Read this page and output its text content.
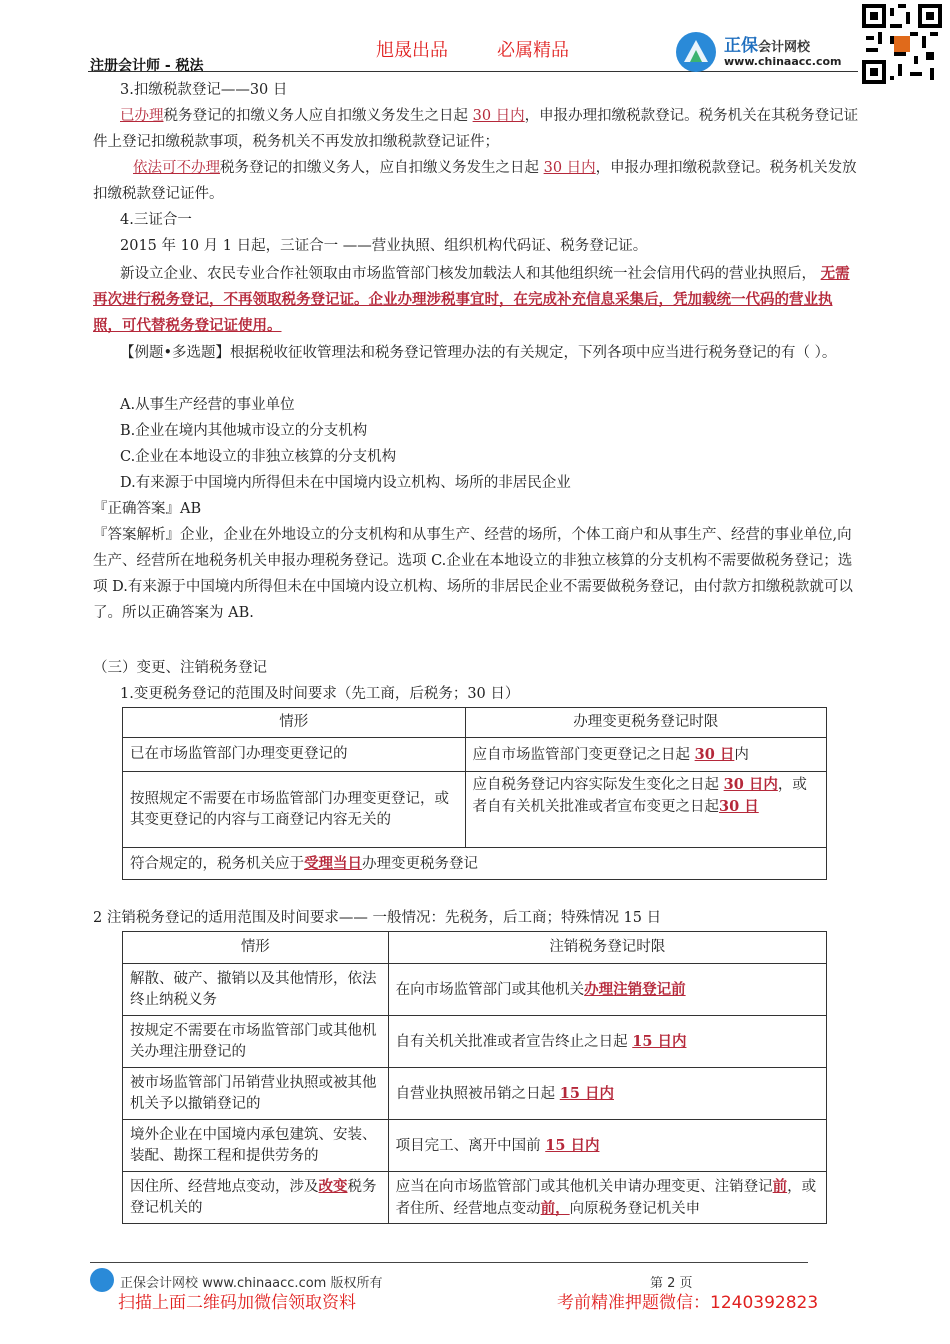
旭晟出品	必属精品
注册会计师 - 税法
正保会计网校
www.chinaacc.com
3.扣缴税款登记——30 日
已办理税务登记的扣缴义务人应自扣缴义务发生之日起 30 日内，申报办理扣缴税款登记。税务机关在其税务登记证件上登记扣缴税款事项，税务机关不再发放扣缴税款登记证件；
依法可不办理税务登记的扣缴义务人，应自扣缴义务发生之日起 30 日内，申报办理扣缴税款登记。税务机关发放扣缴税款登记证件。
4.三证合一
2015 年 10 月 1 日起，三证合一 ——营业执照、组织机构代码证、税务登记证。
新设立企业、农民专业合作社领取由市场监管部门核发加载法人和其他组织统一社会信用代码的营业执照后， 无需再次进行税务登记，不再领取税务登记证。企业办理涉税事宜时，在完成补充信息采集后，凭加载统一代码的营业执照，可代替税务登记证使用。
【例题•多选题】根据税收征收管理法和税务登记管理办法的有关规定，下列各项中应当进行税务登记的有（ ）。
A.从事生产经营的事业单位
B.企业在境内其他城市设立的分支机构
C.企业在本地设立的非独立核算的分支机构
D.有来源于中国境内所得但未在中国境内设立机构、场所的非居民企业
『正确答案』AB
『答案解析』企业，企业在外地设立的分支机构和从事生产、经营的场所，个体工商户和从事生产、经营的事业单位,向生产、经营所在地税务机关申报办理税务登记。选项 C.企业在本地设立的非独立核算的分支机构不需要做税务登记；选项 D.有来源于中国境内所得但未在中国境内设立机构、场所的非居民企业不需要做税务登记，由付款方扣缴税款就可以了。所以正确答案为 AB.
（三）变更、注销税务登记
1.变更税务登记的范围及时间要求（先工商，后税务；30 日）
情形	办理变更税务登记时限
已在市场监管部门办理变更登记的	应自市场监管部门变更登记之日起 30 日内
按照规定不需要在市场监管部门办理变更登记，或其变更登记的内容与工商登记内容无关的	应自税务登记内容实际发生变化之日起 30 日内，或者自有关机关批准或者宣布变更之日起30 日
符合规定的，税务机关应于受理当日办理变更税务登记	
2 注销税务登记的适用范围及时间要求—— 一般情况：先税务，后工商；特殊情况 15 日
情形	注销税务登记时限
解散、破产、撤销以及其他情形，依法终止纳税义务	在向市场监管部门或其他机关办理注销登记前
按规定不需要在市场监管部门或其他机关办理注册登记的	自有关机关批准或者宣告终止之日起 15 日内
被市场监管部门吊销营业执照或被其他机关予以撤销登记的	自营业执照被吊销之日起 15 日内
境外企业在中国境内承包建筑、安装、装配、勘探工程和提供劳务的	项目完工、离开中国前 15 日内
因住所、经营地点变动，涉及改变税务登记机关的	应当在向市场监管部门或其他机关申请办理变更、注销登记前，或者住所、经营地点变动前，向原税务登记机关申
正保会计网校 www.chinaacc.com 版权所有	第 2 页
扫描上面二维码加微信领取资料	考前精准押题微信：1240392823
